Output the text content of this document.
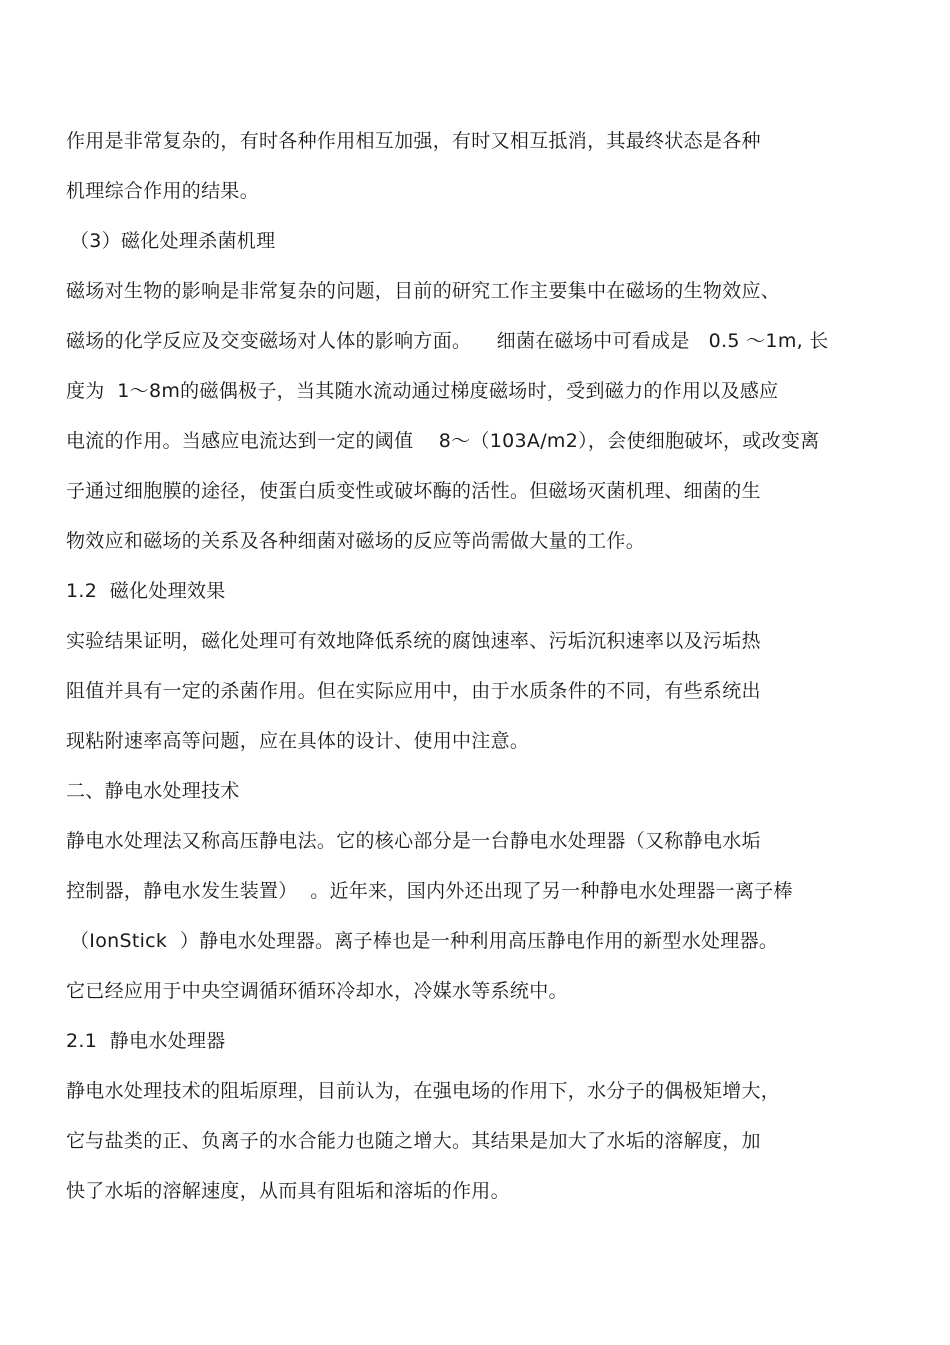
作用是非常复杂的，有时各种作用相互加强，有时又相互抵消，其最终状态是各种
机理综合作用的结果。
（3）磁化处理杀菌机理
磁场对生物的影响是非常复杂的问题，目前的研究工作主要集中在磁场的生物效应、
磁场的化学反应及交变磁场对人体的影响方面。    细菌在磁场中可看成是   0.5 ～1m, 长
度为  1～8m的磁偶极子，当其随水流动通过梯度磁场时，受到磁力的作用以及感应
电流的作用。当感应电流达到一定的阈值    8～（103A/m2），会使细胞破坏，或改变离
子通过细胞膜的途径，使蛋白质变性或破坏酶的活性。但磁场灭菌机理、细菌的生
物效应和磁场的关系及各种细菌对磁场的反应等尚需做大量的工作。
1.2  磁化处理效果
实验结果证明，磁化处理可有效地降低系统的腐蚀速率、污垢沉积速率以及污垢热
阻值并具有一定的杀菌作用。但在实际应用中，由于水质条件的不同，有些系统出
现粘附速率高等问题，应在具体的设计、使用中注意。
二、静电水处理技术
静电水处理法又称高压静电法。它的核心部分是一台静电水处理器（又称静电水垢
控制器，静电水发生装置）  。近年来，国内外还出现了另一种静电水处理器一离子棒
（IonStick  ）静电水处理器。离子棒也是一种利用高压静电作用的新型水处理器。
它已经应用于中央空调循环循环冷却水，冷媒水等系统中。
2.1  静电水处理器
静电水处理技术的阻垢原理，目前认为，在强电场的作用下，水分子的偶极矩增大，
它与盐类的正、负离子的水合能力也随之增大。其结果是加大了水垢的溶解度，加
快了水垢的溶解速度，从而具有阻垢和溶垢的作用。
